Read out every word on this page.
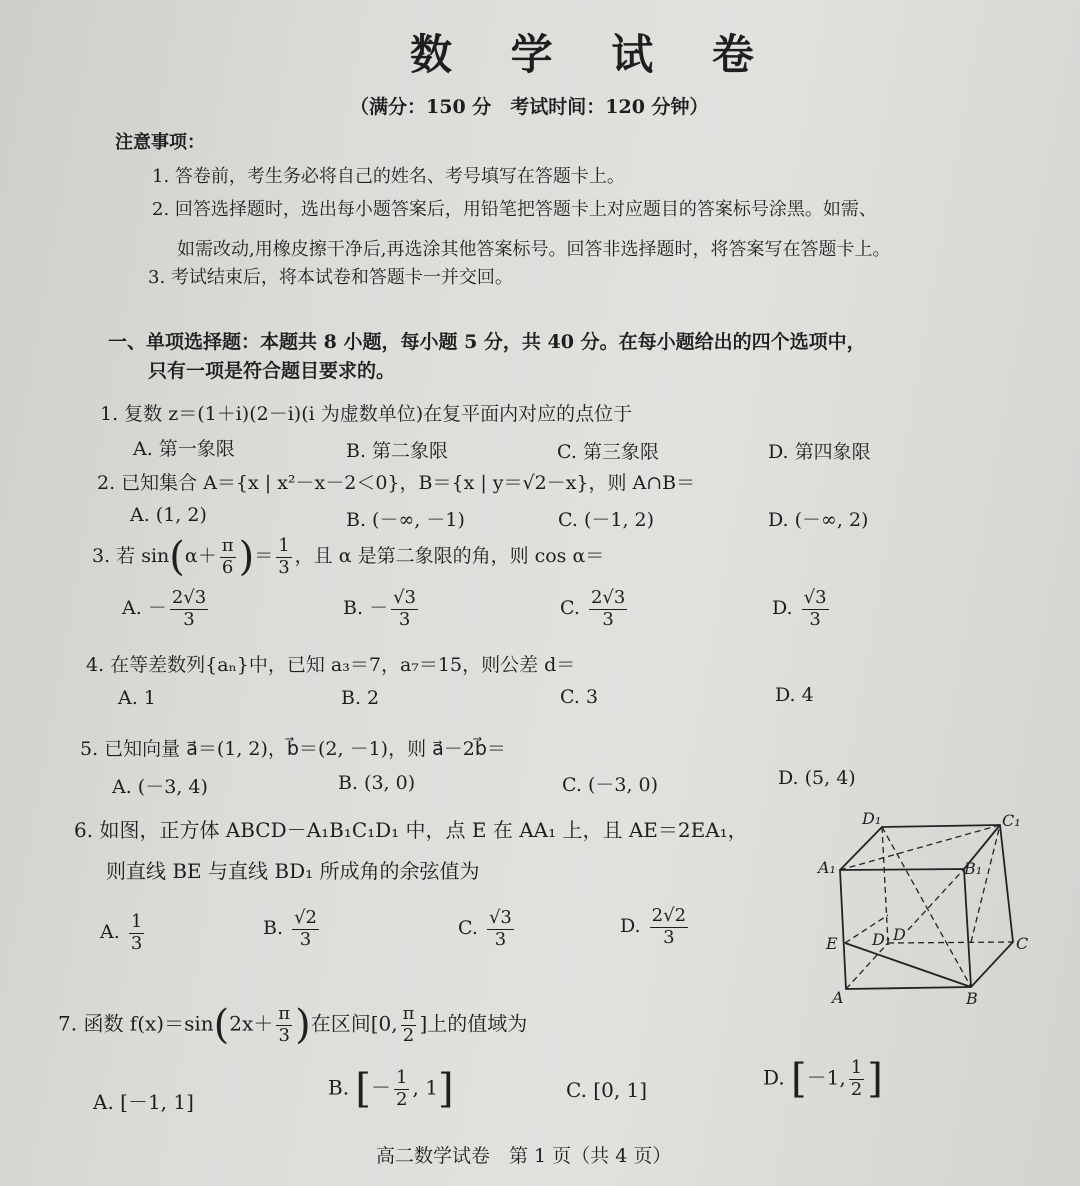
数 学 试 卷
（满分：150 分　考试时间：120 分钟）
注意事项：
1. 答卷前，考生务必将自己的姓名、考号填写在答题卡上。
2. 回答选择题时，选出每小题答案后，用铅笔把答题卡上对应题目的答案标号涂黑。如需、
如需改动,用橡皮擦干净后,再选涂其他答案标号。回答非选择题时，将答案写在答题卡上。
3. 考试结束后，将本试卷和答题卡一并交回。
一、单项选择题：本题共 8 小题，每小题 5 分，共 40 分。在每小题给出的四个选项中，
只有一项是符合题目要求的。
1. 复数 z＝(1＋i)(2－i)(i 为虚数单位)在复平面内对应的点位于
A. 第一象限	B. 第二象限	C. 第三象限	D. 第四象限
2. 已知集合 A＝{x | x²－x－2＜0}，B＝{x | y＝√2－x}，则 A∩B＝
A. (1, 2)	B. (－∞, －1)	C. (－1, 2)	D. (－∞, 2)
3. 若 $\sin(\alpha+ \frac{\pi}{6}$ )＝ $\frac{1}{3}$ ，且 α 是第二象限的角，则 cos α＝
A. － $\frac{2√3}{3}$	B. － $\frac{√3}{3}$	C. $\frac{2√3}{3}$	D. $\frac{√3}{3}$
4. 在等差数列{aₙ}中，已知 a₃＝7，a₇＝15，则公差 d＝
A. 1	B. 2	C. 3	D. 4
5. 已知向量 a⃗＝(1, 2)，b⃗＝(2, －1)，则 a⃗－2b⃗＝
A. (－3, 4)	B. (3, 0)	C. (－3, 0)	D. (5, 4)
6. 如图，正方体 ABCD－A₁B₁C₁D₁ 中，点 E 在 AA₁ 上，且 AE＝2EA₁，
则直线 BE 与直线 BD₁ 所成角的余弦值为
A. $\frac{1}{3}$	B. $\frac{√2}{3}$	C. $\frac{√3}{3}$	D. $\frac{2√2}{3}$
D₁	C₁
A₁	B₁
E D₁ D	C
A	B
7. 函数 $f(x)=\sin(2x+ \frac{\pi}{3}$ )在区间[0, $\frac{\pi}{2}$ ]上的值域为
A. [－1, 1]
B. [－ $\frac{1}{2}$ , 1]	C. [0, 1]
D. [－1, $\frac{1}{2}$ ]
高二数学试卷　第 1 页（共 4 页）
